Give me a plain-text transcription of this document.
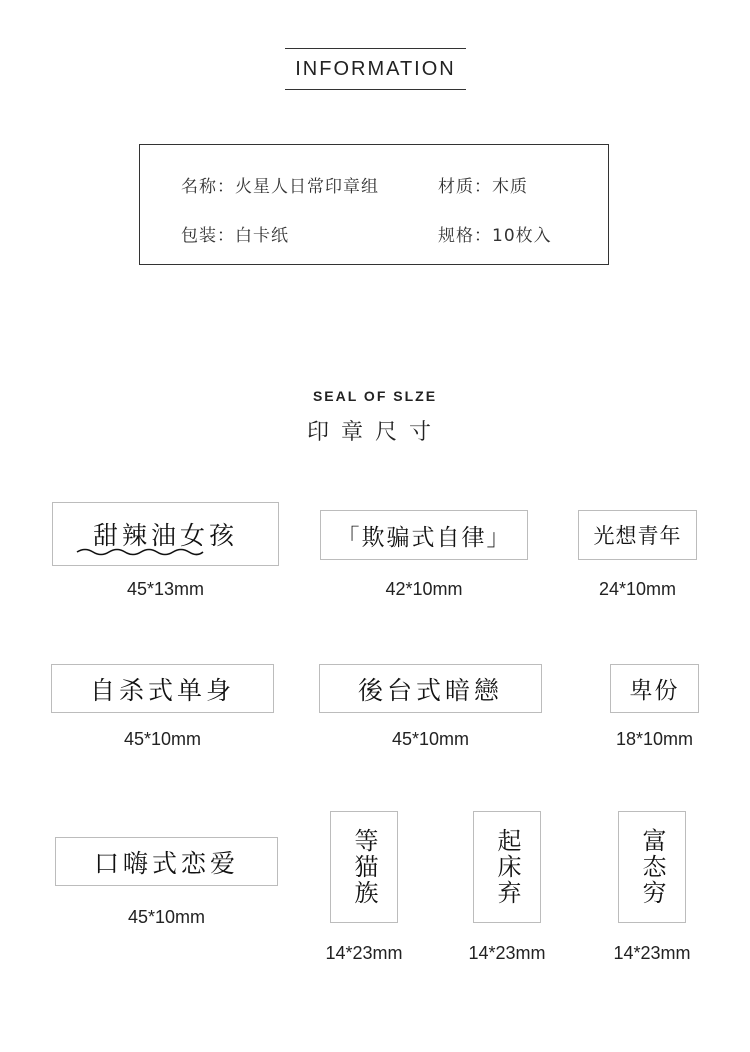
INFORMATION
名称：火星人日常印章组	材质：木质
包装：白卡纸	规格：10枚入
SEAL OF SLZE
印章尺寸
甜辣油女孩
45*13mm
「欺骗式自律」
42*10mm
光想青年
24*10mm
自杀式单身
45*10mm
後台式暗戀
45*10mm
卑份
18*10mm
口嗨式恋爱
45*10mm
等猫族
14*23mm
起床弃
14*23mm
富态穷
14*23mm
